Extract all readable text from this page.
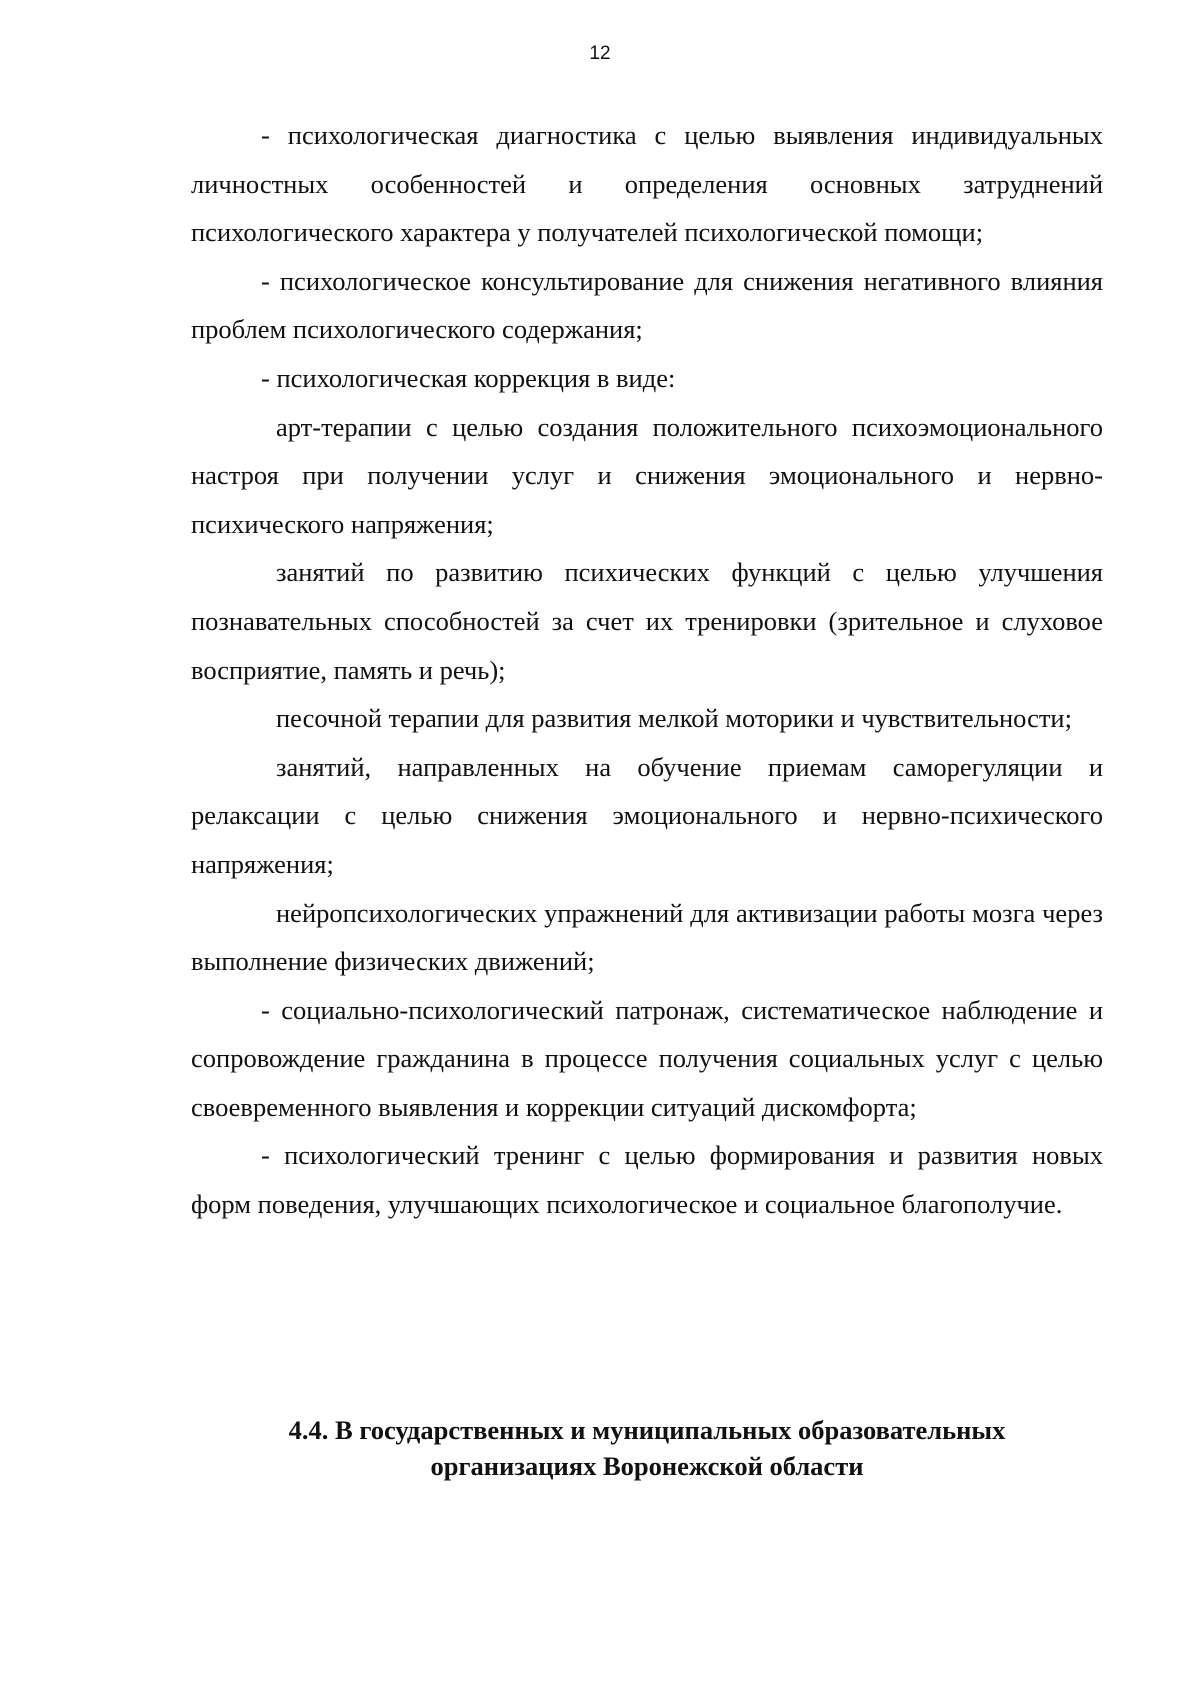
12

- психологическая диагностика с целью выявления индивидуальных личностных особенностей и определения основных затруднений психологического характера у получателей психологической помощи;

- психологическое консультирование для снижения негативного влияния проблем психологического содержания;

- психологическая коррекция в виде:

арт-терапии с целью создания положительного психоэмоционального настроя при получении услуг и снижения эмоционального и нервно-психического напряжения;

занятий по развитию психических функций с целью улучшения познавательных способностей за счет их тренировки (зрительное и слуховое восприятие, память и речь);

песочной терапии для развития мелкой моторики и чувствительности;

занятий, направленных на обучение приемам саморегуляции и релаксации с целью снижения эмоционального и нервно-психического напряжения;

нейропсихологических упражнений для активизации работы мозга через выполнение физических движений;

- социально-психологический патронаж, систематическое наблюдение и сопровождение гражданина в процессе получения социальных услуг с целью своевременного выявления и коррекции ситуаций дискомфорта;

- психологический тренинг с целью формирования и развития новых форм поведения, улучшающих психологическое и социальное благополучие.

4.4. В государственных и муниципальных образовательных
организациях Воронежской области
